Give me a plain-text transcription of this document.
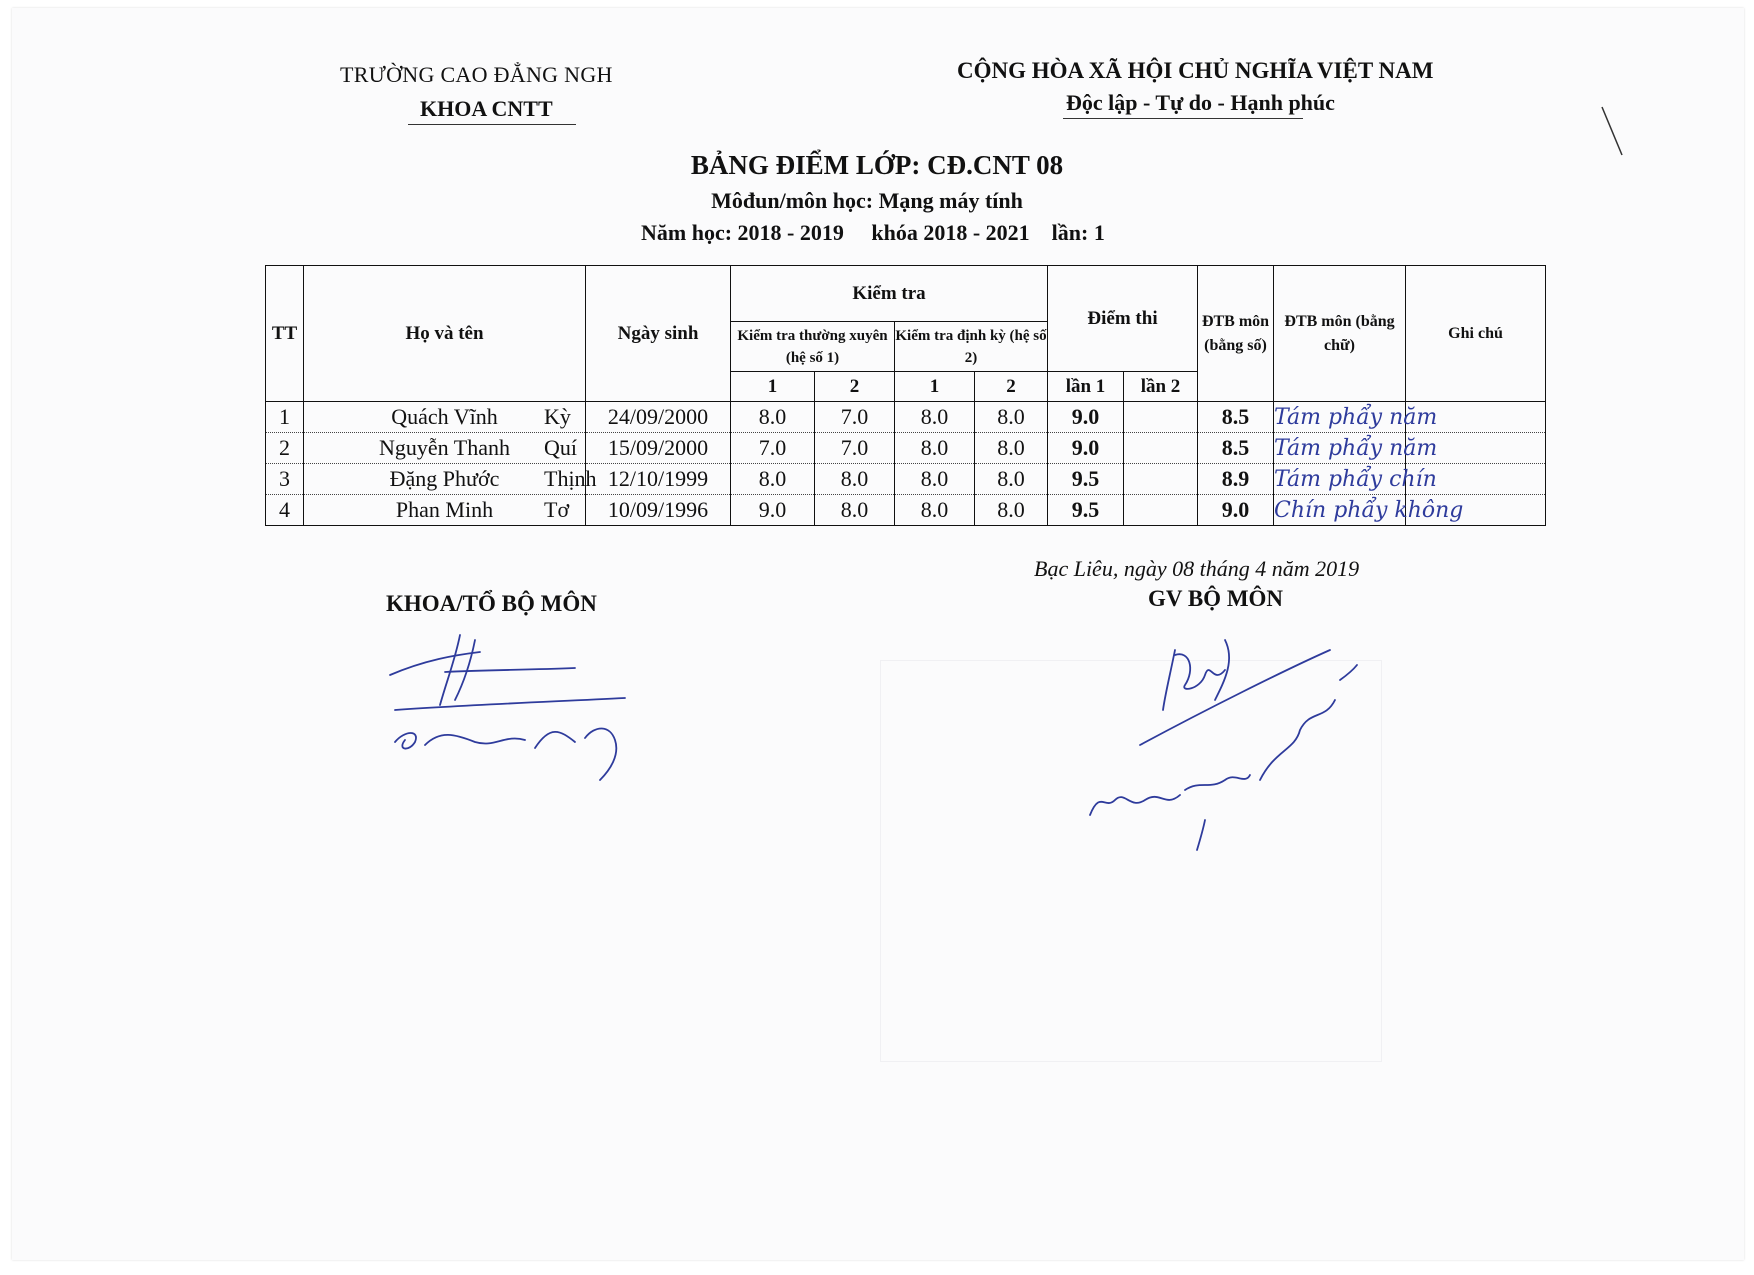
TRƯỜNG CAO ĐẲNG NGH
KHOA CNTT
CỘNG HÒA XÃ HỘI CHỦ NGHĨA VIỆT NAM
Độc lập - Tự do - Hạnh phúc
BẢNG ĐIỂM LỚP: CĐ.CNT 08
Môđun/môn học: Mạng máy tính
Năm học: 2018 - 2019     khóa 2018 - 2021    lần: 1
TT	Họ và tên	Ngày sinh	Kiểm tra				Điểm thi		ĐTB môn (bằng số)	ĐTB môn (bằng chữ)	Ghi chú
			Kiểm tra thường xuyên (hệ số 1)		Kiểm tra định kỳ (hệ số 2)						
			1	2	1	2	lần 1	lần 2			
1	Quách Vĩnh Kỳ	24/09/2000	8.0	7.0	8.0	8.0	9.0		8.5	Tám phẩy năm	
2	Nguyễn Thanh Quí	15/09/2000	7.0	7.0	8.0	8.0	9.0		8.5	Tám phẩy năm	
3	Đặng Phước Thịnh	12/10/1999	8.0	8.0	8.0	8.0	9.5		8.9	Tám phẩy chín	
4	Phan Minh Tơ	10/09/1996	9.0	8.0	8.0	8.0	9.5		9.0	Chín phẩy không	
Bạc Liêu, ngày 08 tháng 4 năm 2019
KHOA/TỔ BỘ MÔN	GV BỘ MÔN
